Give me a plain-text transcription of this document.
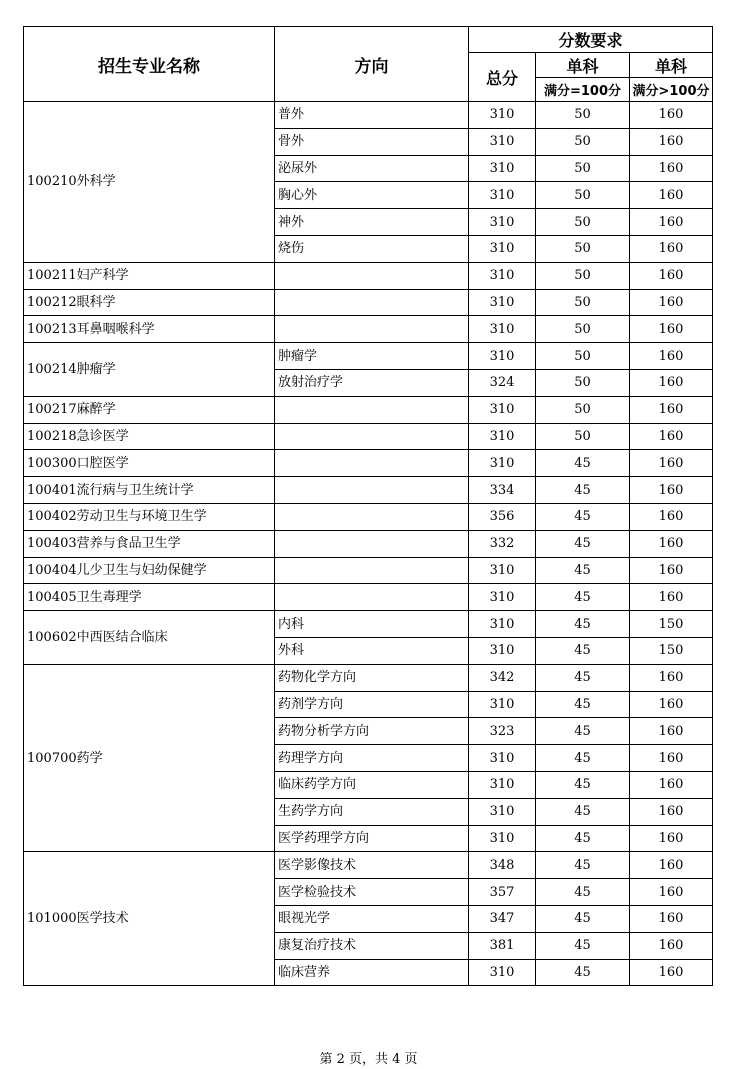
招生专业名称	方向	分数要求		
		总分	单科	单科
			满分=100分	满分>100分
100210外科学	普外	310	50	160
	骨外	310	50	160
	泌尿外	310	50	160
	胸心外	310	50	160
	神外	310	50	160
	烧伤	310	50	160
100211妇产科学		310	50	160
100212眼科学		310	50	160
100213耳鼻咽喉科学		310	50	160
100214肿瘤学	肿瘤学	310	50	160
	放射治疗学	324	50	160
100217麻醉学		310	50	160
100218急诊医学		310	50	160
100300口腔医学		310	45	160
100401流行病与卫生统计学		334	45	160
100402劳动卫生与环境卫生学		356	45	160
100403营养与食品卫生学		332	45	160
100404儿少卫生与妇幼保健学		310	45	160
100405卫生毒理学		310	45	160
100602中西医结合临床	内科	310	45	150
	外科	310	45	150
100700药学	药物化学方向	342	45	160
	药剂学方向	310	45	160
	药物分析学方向	323	45	160
	药理学方向	310	45	160
	临床药学方向	310	45	160
	生药学方向	310	45	160
	医学药理学方向	310	45	160
101000医学技术	医学影像技术	348	45	160
	医学检验技术	357	45	160
	眼视光学	347	45	160
	康复治疗技术	381	45	160
	临床营养	310	45	160
第 2 页，共 4 页
